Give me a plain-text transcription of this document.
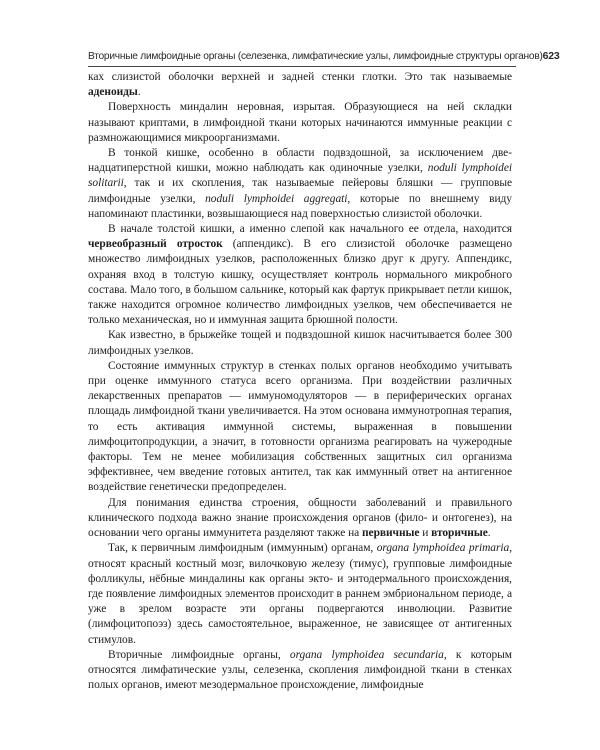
Вторичные лимфоидные органы (селезенка, лимфатические узлы, лимфоидные структуры органов) 623

ках слизистой оболочки верхней и задней стенки глотки. Это так называемые аденоиды.

Поверхность миндалин неровная, изрытая. Образующиеся на ней складки называют криптами, в лимфоидной ткани которых начинаются иммунные реакции с размножающимися микроорганизмами.

В тонкой кишке, особенно в области подвздошной, за исключением двенадцатиперстной кишки, можно наблюдать как одиночные узелки, noduli lymphoidei solitarii, так и их скопления, так называемые пейеровы бляшки — групповые лимфоидные узелки, noduli lymphoidei aggregati, которые по внешнему виду напоминают пластинки, возвышающиеся над поверхностью слизистой оболочки.

В начале толстой кишки, а именно слепой как начального ее отдела, находится червеобразный отросток (аппендикс). В его слизистой оболочке размещено множество лимфоидных узелков, расположенных близко друг к другу. Аппендикс, охраняя вход в толстую кишку, осуществляет контроль нормального микробного состава. Мало того, в большом сальнике, который как фартук прикрывает петли кишок, также находится огромное количество лимфоидных узелков, чем обеспечивается не только механическая, но и иммунная защита брюшной полости.

Как известно, в брыжейке тощей и подвздошной кишок насчитывается более 300 лимфоидных узелков.

Состояние иммунных структур в стенках полых органов необходимо учитывать при оценке иммунного статуса всего организма. При воздействии различных лекарственных препаратов — иммуномодуляторов — в периферических органах площадь лимфоидной ткани увеличивается. На этом основана иммунотропная терапия, то есть активация иммунной системы, выраженная в повышении лимфоцитопродукции, а значит, в готовности организма реагировать на чужеродные факторы. Тем не менее мобилизация собственных защитных сил организма эффективнее, чем введение готовых антител, так как иммунный ответ на антигенное воздействие генетически предопределен.

Для понимания единства строения, общности заболеваний и правильного клинического подхода важно знание происхождения органов (фило- и онтогенез), на основании чего органы иммунитета разделяют также на первичные и вторичные.

Так, к первичным лимфоидным (иммунным) органам, organa lymphoidea primaria, относят красный костный мозг, вилочковую железу (тимус), групповые лимфоидные фолликулы, нёбные миндалины как органы экто- и энтодермального происхождения, где появление лимфоидных элементов происходит в раннем эмбриональном периоде, а уже в зрелом возрасте эти органы подвергаются инволюции. Развитие (лимфоцитопоэз) здесь самостоятельное, выраженное, не зависящее от антигенных стимулов.

Вторичные лимфоидные органы, organa lymphoidea secundaria, к которым относятся лимфатические узлы, селезенка, скопления лимфоидной ткани в стенках полых органов, имеют мезодермальное происхождение, лимфоидные
